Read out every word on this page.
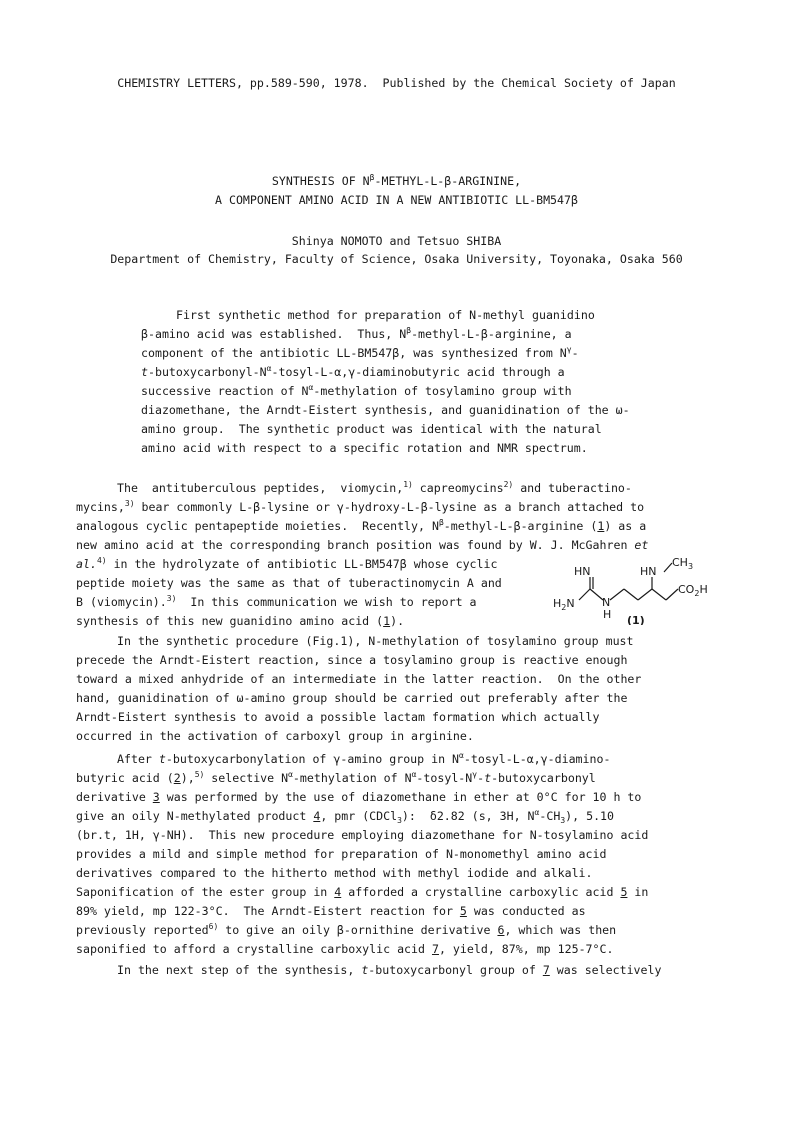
CHEMISTRY LETTERS, pp.589-590, 1978.  Published by the Chemical Society of Japan
SYNTHESIS OF $N^\beta-METHYL-L-\beta$-ARGININE,
A COMPONENT AMINO ACID IN A NEW ANTIBIOTIC LL-BM547β
Shinya NOMOTO and Tetsuo SHIBA
Department of Chemistry, Faculty of Science, Osaka University, Toyonaka, Osaka 560
First synthetic method for preparation of N-methyl guanidino
β-amino acid was established.  Thus, $N^\beta-methyl-L-\beta$-arginine, a
component of the antibiotic LL-BM547β, was synthesized from $N^\gamma-$
$t-butoxycarbonyl-N^\alpha-tosyl-L-\alpha,\gamma$-diaminobutyric acid through a
successive reaction of $N^\alpha$-methylation of tosylamino group with
diazomethane, the Arndt-Eistert synthesis, and guanidination of the ω-
amino group.  The synthetic product was identical with the natural
amino acid with respect to a specific rotation and NMR spectrum.
The  antituberculous peptides,  viomycin,$^{1)}$ capreomycins$^{2)}$ and tuberactino-
mycins,$^{3)}$ bear commonly L-β-lysine or γ-hydroxy-L-β-lysine as a branch attached to
analogous cyclic pentapeptide moieties.  Recently, $N^\beta-methyl-L-\beta$-arginine (1) as a
new amino acid at the corresponding branch position was found by W. J. McGahren et
al.$^{4)}$ in the hydrolyzate of antibiotic LL-BM547β whose cyclic
peptide moiety was the same as that of tuberactinomycin A and
B (viomycin).$^{3)}$  In this communication we wish to report a
synthesis of this new guanidino amino acid (1).
HN	HN
$CH_3$
$CO_2H$
$H_2N$ N
H (1)
In the synthetic procedure (Fig.1), N-methylation of tosylamino group must
precede the Arndt-Eistert reaction, since a tosylamino group is reactive enough
toward a mixed anhydride of an intermediate in the latter reaction.  On the other
hand, guanidination of ω-amino group should be carried out preferably after the
Arndt-Eistert synthesis to avoid a possible lactam formation which actually
occurred in the activation of carboxyl group in arginine.
After t-butoxycarbonylation of γ-amino group in $N^\alpha-tosyl-L-\alpha,\gamma-diamino-$
butyric acid (2),$^{5)}$ selective $N^\alpha$-methylation of $N^\alpha-tosyl-N^\gamma-t$-butoxycarbonyl
derivative 3 was performed by the use of diazomethane in ether at 0°C for 10 h to
give an oily N-methylated product 4, pmr (CDCl$_3$):  δ2.82 (s, 3H, $N^\alpha-CH_3$), 5.10
(br.t, 1H, γ-NH).  This new procedure employing diazomethane for N-tosylamino acid
provides a mild and simple method for preparation of N-monomethyl amino acid
derivatives compared to the hitherto method with methyl iodide and alkali.
Saponification of the ester group in 4 afforded a crystalline carboxylic acid 5 in
89% yield, mp 122-3°C.  The Arndt-Eistert reaction for 5 was conducted as
previously reported$^{6)}$ to give an oily β-ornithine derivative 6, which was then
saponified to afford a crystalline carboxylic acid 7, yield, 87%, mp 125-7°C.
In the next step of the synthesis, t-butoxycarbonyl group of 7 was selectively
